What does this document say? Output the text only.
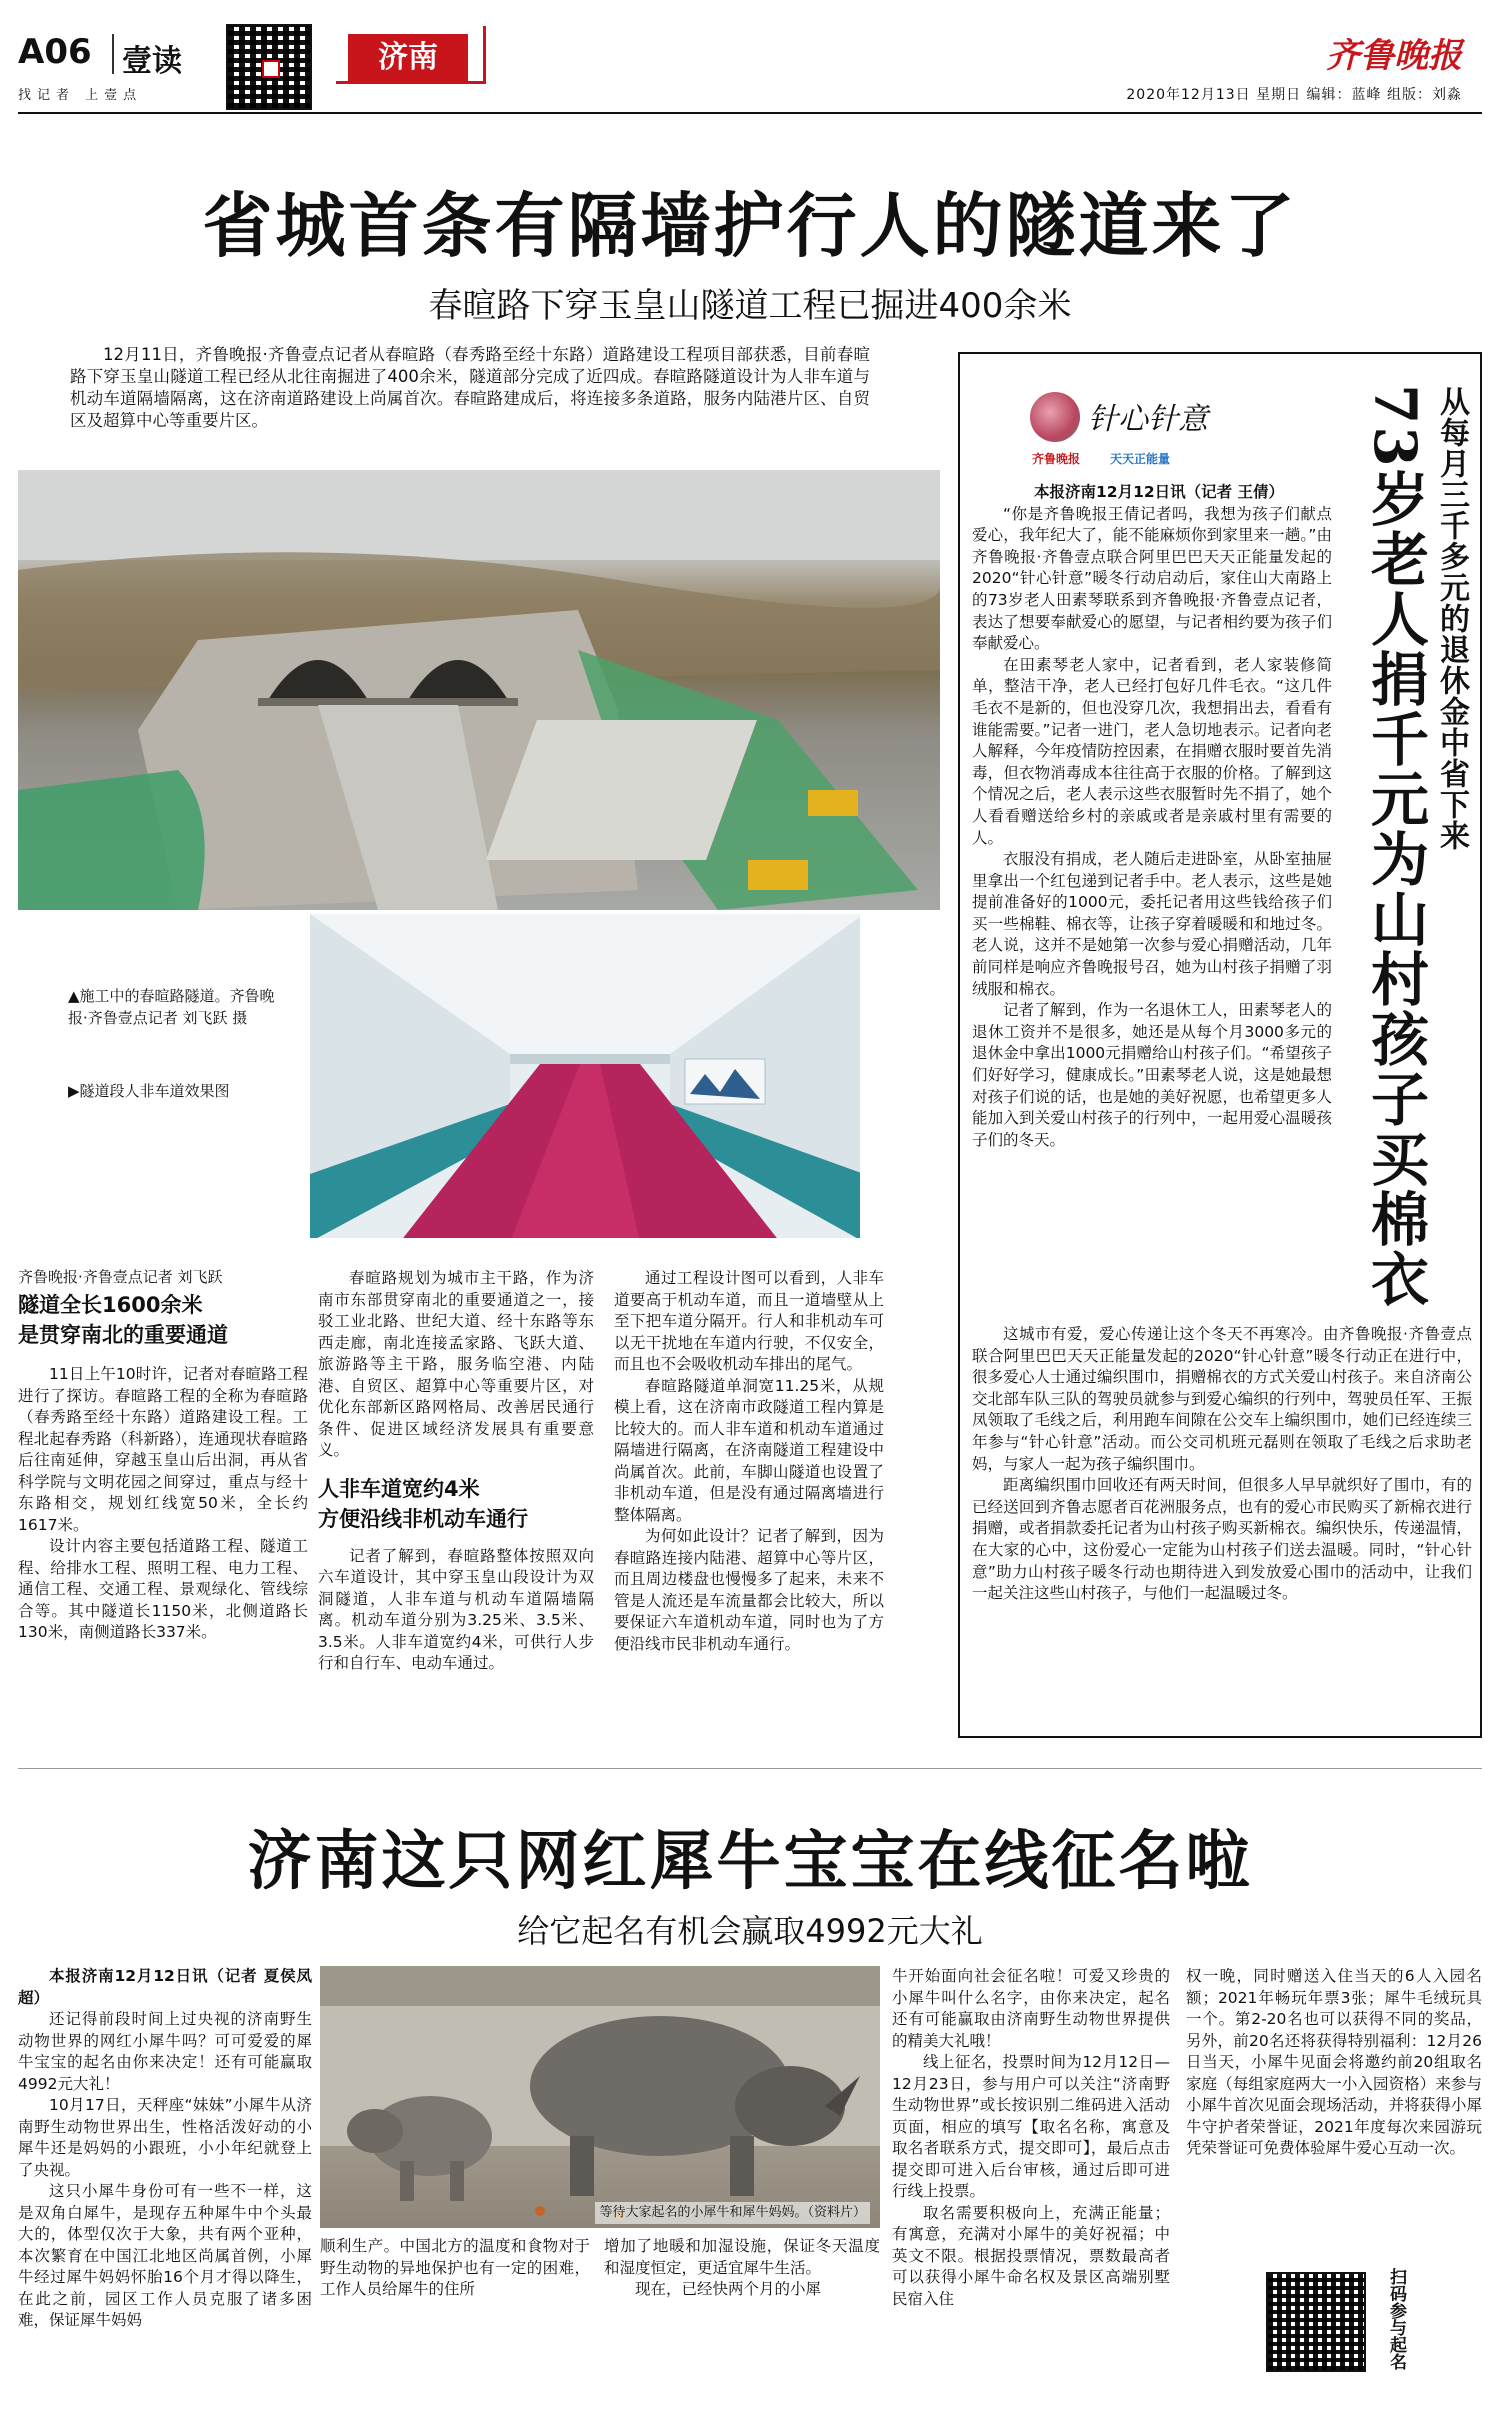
A06 壹读
找记者 上壹点
济南	齐鲁晚报
2020年12月13日 星期日 编辑：蓝峰 组版：刘淼
省城首条有隔墙护行人的隧道来了
春暄路下穿玉皇山隧道工程已掘进400余米

12月11日，齐鲁晚报·齐鲁壹点记者从春暄路（春秀路至经十东路）道路建设工程项目部获悉，目前春暄路下穿玉皇山隧道工程已经从北往南掘进了400余米，隧道部分完成了近四成。春暄路隧道设计为人非车道与机动车道隔墙隔离，这在济南道路建设上尚属首次。春暄路建成后，将连接多条道路，服务内陆港片区、自贸区及超算中心等重要片区。

▲施工中的春暄路隧道。齐鲁晚报·齐鲁壹点记者 刘飞跃 摄
▶隧道段人非车道效果图
齐鲁晚报·齐鲁壹点记者 刘飞跃
隧道全长1600余米
是贯穿南北的重要通道

11日上午10时许，记者对春暄路工程进行了探访。春暄路工程的全称为春暄路（春秀路至经十东路）道路建设工程。工程北起春秀路（科新路），连通现状春暄路后往南延伸，穿越玉皇山后出洞，再从省科学院与文明花园之间穿过，重点与经十东路相交，规划红线宽50米，全长约1617米。

设计内容主要包括道路工程、隧道工程、给排水工程、照明工程、电力工程、通信工程、交通工程、景观绿化、管线综合等。其中隧道长1150米，北侧道路长130米，南侧道路长337米。

春暄路规划为城市主干路，作为济南市东部贯穿南北的重要通道之一，接驳工业北路、世纪大道、经十东路等东西走廊，南北连接孟家路、飞跃大道、旅游路等主干路，服务临空港、内陆港、自贸区、超算中心等重要片区，对优化东部新区路网格局、改善居民通行条件、促进区域经济发展具有重要意义。

人非车道宽约4米
方便沿线非机动车通行

记者了解到，春暄路整体按照双向六车道设计，其中穿玉皇山段设计为双洞隧道，人非车道与机动车道隔墙隔离。机动车道分别为3.25米、3.5米、3.5米。人非车道宽约4米，可供行人步行和自行车、电动车通过。

通过工程设计图可以看到，人非车道要高于机动车道，而且一道墙壁从上至下把车道分隔开。行人和非机动车可以无干扰地在车道内行驶，不仅安全，而且也不会吸收机动车排出的尾气。

春暄路隧道单洞宽11.25米，从规模上看，这在济南市政隧道工程内算是比较大的。而人非车道和机动车道通过隔墙进行隔离，在济南隧道工程建设中尚属首次。此前，车脚山隧道也设置了非机动车道，但是没有通过隔离墙进行整体隔离。

为何如此设计？记者了解到，因为春暄路连接内陆港、超算中心等片区，而且周边楼盘也慢慢多了起来，未来不管是人流还是车流量都会比较大，所以要保证六车道机动车道，同时也为了方便沿线市民非机动车通行。

针心针意
齐鲁晚报 天天正能量	从每月三千多元的退休金中省下来
73岁老人捐千元为山村孩子买棉衣

本报济南12月12日讯（记者 王倩）

“你是齐鲁晚报王倩记者吗，我想为孩子们献点爱心，我年纪大了，能不能麻烦你到家里来一趟。”由齐鲁晚报·齐鲁壹点联合阿里巴巴天天正能量发起的2020“针心针意”暖冬行动启动后，家住山大南路上的73岁老人田素琴联系到齐鲁晚报·齐鲁壹点记者，表达了想要奉献爱心的愿望，与记者相约要为孩子们奉献爱心。

在田素琴老人家中，记者看到，老人家装修简单，整洁干净，老人已经打包好几件毛衣。“这几件毛衣不是新的，但也没穿几次，我想捐出去，看看有谁能需要。”记者一进门，老人急切地表示。记者向老人解释，今年疫情防控因素，在捐赠衣服时要首先消毒，但衣物消毒成本往往高于衣服的价格。了解到这个情况之后，老人表示这些衣服暂时先不捐了，她个人看看赠送给乡村的亲戚或者是亲戚村里有需要的人。

衣服没有捐成，老人随后走进卧室，从卧室抽屉里拿出一个红包递到记者手中。老人表示，这些是她提前准备好的1000元，委托记者用这些钱给孩子们买一些棉鞋、棉衣等，让孩子穿着暖暖和和地过冬。老人说，这并不是她第一次参与爱心捐赠活动，几年前同样是响应齐鲁晚报号召，她为山村孩子捐赠了羽绒服和棉衣。

记者了解到，作为一名退休工人，田素琴老人的退休工资并不是很多，她还是从每个月3000多元的退休金中拿出1000元捐赠给山村孩子们。“希望孩子们好好学习，健康成长。”田素琴老人说，这是她最想对孩子们说的话，也是她的美好祝愿，也希望更多人能加入到关爱山村孩子的行列中，一起用爱心温暖孩子们的冬天。

这城市有爱，爱心传递让这个冬天不再寒冷。由齐鲁晚报·齐鲁壹点联合阿里巴巴天天正能量发起的2020“针心针意”暖冬行动正在进行中，很多爱心人士通过编织围巾，捐赠棉衣的方式关爱山村孩子。来自济南公交北部车队三队的驾驶员就参与到爱心编织的行列中，驾驶员任军、王振凤领取了毛线之后，利用跑车间隙在公交车上编织围巾，她们已经连续三年参与“针心针意”活动。而公交司机班元磊则在领取了毛线之后求助老妈，与家人一起为孩子编织围巾。

距离编织围巾回收还有两天时间，但很多人早早就织好了围巾，有的已经送回到齐鲁志愿者百花洲服务点，也有的爱心市民购买了新棉衣进行捐赠，或者捐款委托记者为山村孩子购买新棉衣。编织快乐，传递温情，在大家的心中，这份爱心一定能为山村孩子们送去温暖。同时，“针心针意”助力山村孩子暖冬行动也期待进入到发放爱心围巾的活动中，让我们一起关注这些山村孩子，与他们一起温暖过冬。

济南这只网红犀牛宝宝在线征名啦
给它起名有机会赢取4992元大礼

本报济南12月12日讯（记者 夏侯凤超）

还记得前段时间上过央视的济南野生动物世界的网红小犀牛吗？可可爱爱的犀牛宝宝的起名由你来决定！还有可能赢取4992元大礼！

10月17日，天秤座“妹妹”小犀牛从济南野生动物世界出生，性格活泼好动的小犀牛还是妈妈的小跟班，小小年纪就登上了央视。

这只小犀牛身份可有一些不一样，这是双角白犀牛，是现存五种犀牛中个头最大的，体型仅次于大象，共有两个亚种，本次繁育在中国江北地区尚属首例，小犀牛经过犀牛妈妈怀胎16个月才得以降生，在此之前，园区工作人员克服了诸多困难，保证犀牛妈妈

等待大家起名的小犀牛和犀牛妈妈。（资料片）

顺利生产。中国北方的温度和食物对于野生动物的异地保护也有一定的困难，工作人员给犀牛的住所

增加了地暖和加湿设施，保证冬天温度和湿度恒定，更适宜犀牛生活。

现在，已经快两个月的小犀

牛开始面向社会征名啦！可爱又珍贵的小犀牛叫什么名字，由你来决定，起名还有可能赢取由济南野生动物世界提供的精美大礼哦！

线上征名，投票时间为12月12日—12月23日，参与用户可以关注“济南野生动物世界”或长按识别二维码进入活动页面，相应的填写【取名名称，寓意及取名者联系方式，提交即可】，最后点击提交即可进入后台审核，通过后即可进行线上投票。

取名需要积极向上，充满正能量；有寓意，充满对小犀牛的美好祝福；中英文不限。根据投票情况，票数最高者可以获得小犀牛命名权及景区高端别墅民宿入住

权一晚，同时赠送入住当天的6人入园名额；2021年畅玩年票3张；犀牛毛绒玩具一个。第2-20名也可以获得不同的奖品，另外，前20名还将获得特别福利：12月26日当天，小犀牛见面会将邀约前20组取名家庭（每组家庭两大一小入园资格）来参与小犀牛首次见面会现场活动，并将获得小犀牛守护者荣誉证，2021年度每次来园游玩凭荣誉证可免费体验犀牛爱心互动一次。

扫码参与起名
